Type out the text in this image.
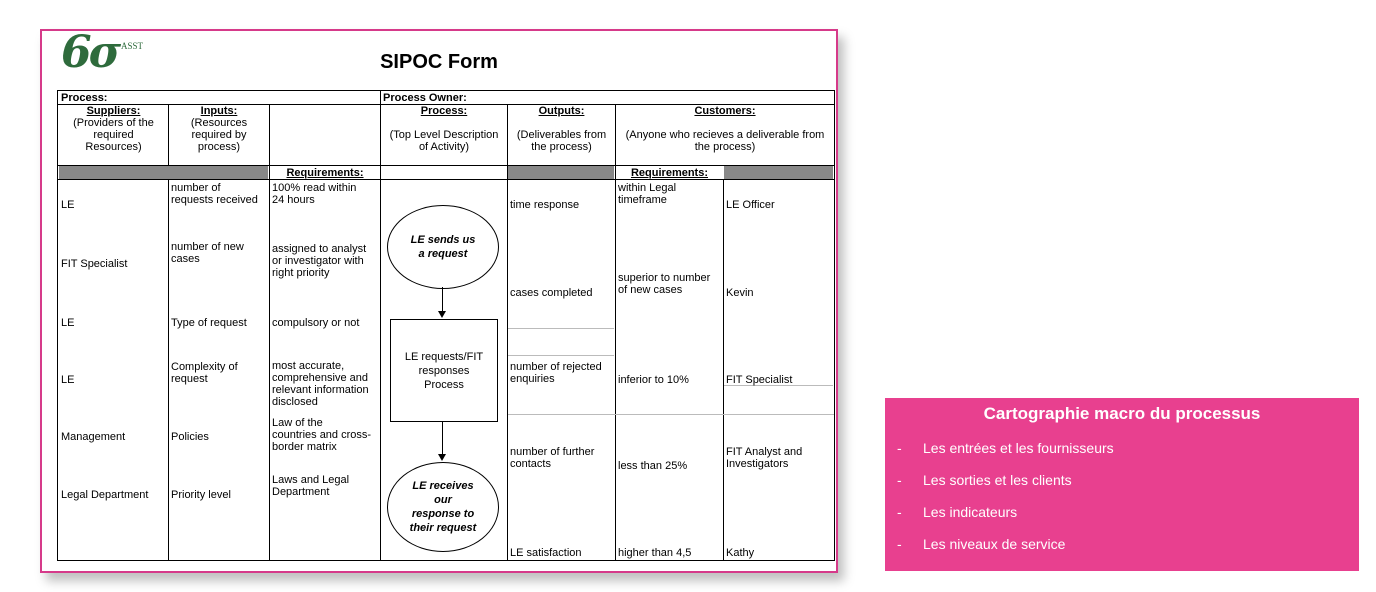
6σ ASST
SIPOC Form
Process:	Process Owner:
Suppliers:
(Providers of the
required
Resources)
Inputs:
(Resources
required by
process)
Process:

(Top Level Description
of Activity)
Outputs:

(Deliverables from
the process)
Customers:

(Anyone who recieves a deliverable from
the process)
Requirements:	Requirements:
LE
FIT Specialist
LE
LE
Management
Legal Department
number of
requests received
number of new
cases
Type of request
Complexity of
request
Policies
Priority level
100% read within
24 hours
assigned to analyst
or investigator with
right priority
compulsory or not
most accurate,
comprehensive and
relevant information
disclosed
Law of the
countries and cross-
border matrix
Laws and Legal
Department
LE sends us
a request
LE requests/FIT
responses
Process
LE receives
our
response to
their request
time response
cases completed
number of rejected
enquiries
number of further
contacts
LE satisfaction
within Legal
timeframe
superior to number
of new cases
inferior to 10%
less than 25%
higher than 4,5
LE Officer
Kevin
FIT Specialist
FIT Analyst and
Investigators
Kathy
Cartographie macro du processus
- Les entrées et les fournisseurs
- Les sorties et les clients
- Les indicateurs
- Les niveaux de service
